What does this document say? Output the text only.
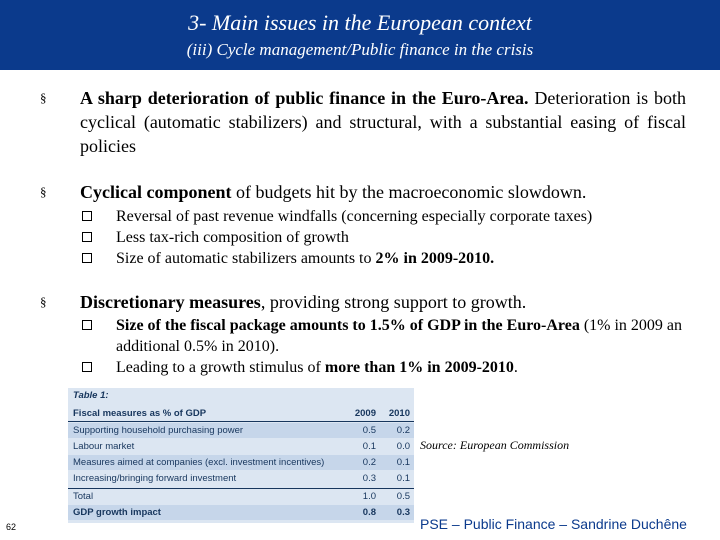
3- Main issues in the European context
(iii) Cycle management/Public finance in the crisis
§	A sharp deterioration of public finance in the Euro-Area. Deterioration is both cyclical (automatic stabilizers) and structural, with a substantial easing of fiscal policies
§	Cyclical component of budgets hit by the macroeconomic slowdown.
Reversal of past revenue windfalls (concerning especially corporate taxes)
Less tax-rich composition of growth
Size of automatic stabilizers amounts to 2% in 2009-2010.
§	Discretionary measures, providing strong support to growth.
Size of the fiscal package amounts to 1.5% of GDP in the Euro-Area (1% in 2009 an additional 0.5% in 2010).
Leading to a growth stimulus of more than 1% in 2009-2010.
Table 1:
Fiscal measures as % of GDP	2009	2010
Supporting household purchasing power	0.5	0.2
Labour market	0.1	0.0
Measures aimed at companies (excl. investment incentives)	0.2	0.1
Increasing/bringing forward investment	0.3	0.1
Total	1.0	0.5
GDP growth impact	0.8	0.3
Source: European Commission
62	PSE – Public Finance – Sandrine Duchêne
